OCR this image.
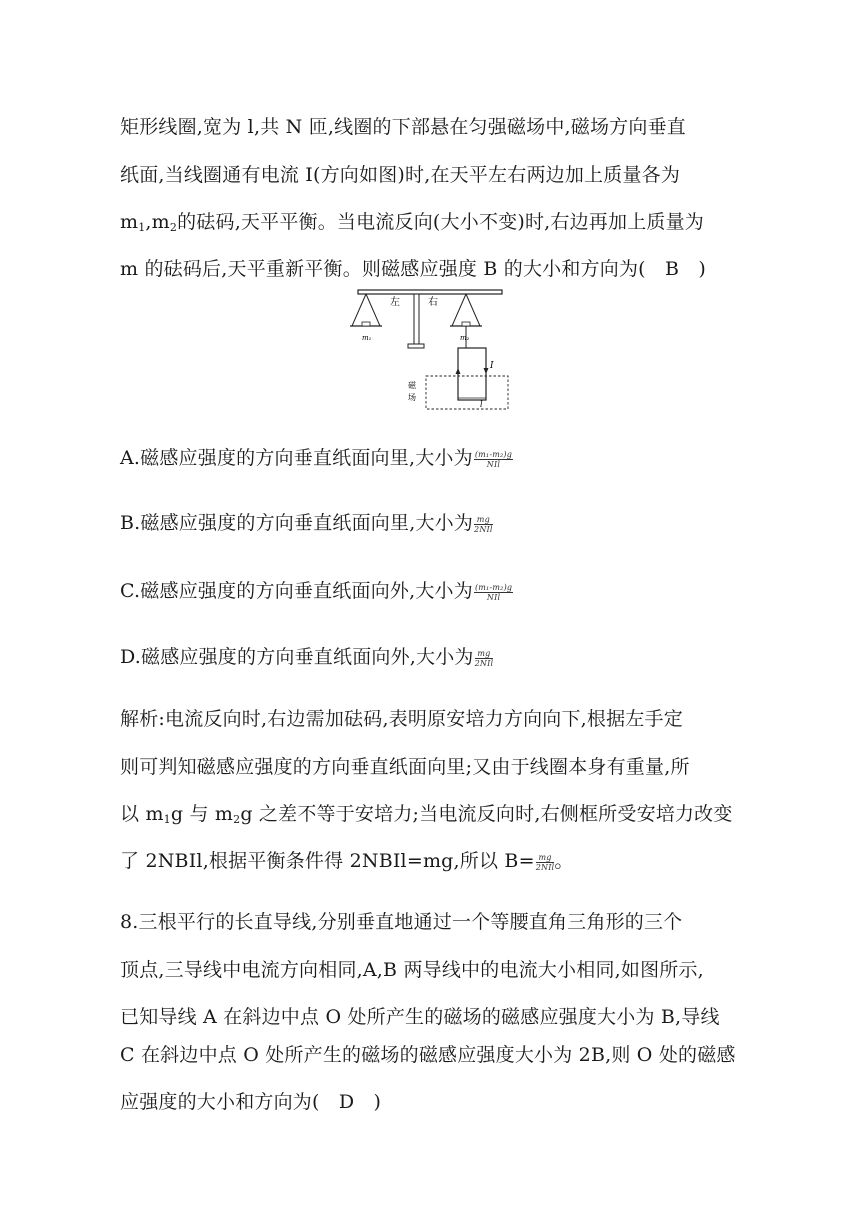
矩形线圈,宽为 l,共 N 匝,线圈的下部悬在匀强磁场中,磁场方向垂直
纸面,当线圈通有电流 I(方向如图)时,在天平左右两边加上质量各为
$m_1,m_2$的砝码,天平平衡。当电流反向(大小不变)时,右边再加上质量为
m 的砝码后,天平重新平衡。则磁感应强度 B 的大小和方向为(　B　)
左	右
m₁	m₂
I
l
磁
场
A.磁感应强度的方向垂直纸面向里,大小为 $\frac{\text{(m₁-m₂)g}}{\text{NIl}}$
B.磁感应强度的方向垂直纸面向里,大小为 $\frac{mg}{\text{2NIl}}$
C.磁感应强度的方向垂直纸面向外,大小为 $\frac{\text{(m₁-m₂)g}}{\text{NIl}}$
D.磁感应强度的方向垂直纸面向外,大小为 $\frac{mg}{\text{2NIl}}$
解析:电流反向时,右边需加砝码,表明原安培力方向向下,根据左手定
则可判知磁感应强度的方向垂直纸面向里;又由于线圈本身有重量,所
以 $m_1g$ 与 $m_2g$ 之差不等于安培力;当电流反向时,右侧框所受安培力改变
了 2NBIl,根据平衡条件得 2NBIl=mg,所以 $B= \frac{mg}{\text{2NIl}}$ 。
8.三根平行的长直导线,分别垂直地通过一个等腰直角三角形的三个
顶点,三导线中电流方向相同,A,B 两导线中的电流大小相同,如图所示,
已知导线 A 在斜边中点 O 处所产生的磁场的磁感应强度大小为 B,导线
C 在斜边中点 O 处所产生的磁场的磁感应强度大小为 2B,则 O 处的磁感
应强度的大小和方向为(　D　)
